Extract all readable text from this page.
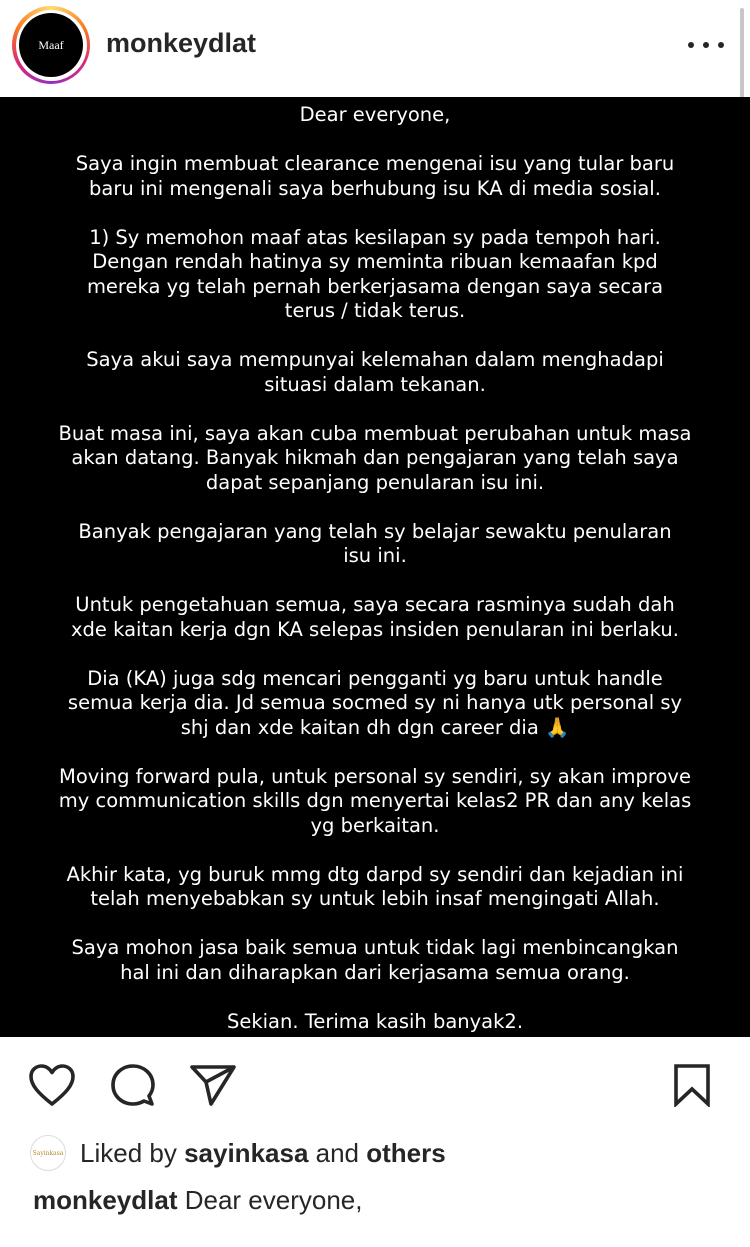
Maaf	monkeydlat

Dear everyone,

Saya ingin membuat clearance mengenai isu yang tular baru
baru ini mengenali saya berhubung isu KA di media sosial.

1) Sy memohon maaf atas kesilapan sy pada tempoh hari.
Dengan rendah hatinya sy meminta ribuan kemaafan kpd
mereka yg telah pernah berkerjasama dengan saya secara
terus / tidak terus.

Saya akui saya mempunyai kelemahan dalam menghadapi
situasi dalam tekanan.

Buat masa ini, saya akan cuba membuat perubahan untuk masa
akan datang. Banyak hikmah dan pengajaran yang telah saya
dapat sepanjang penularan isu ini.

Banyak pengajaran yang telah sy belajar sewaktu penularan
isu ini.

Untuk pengetahuan semua, saya secara rasminya sudah dah
xde kaitan kerja dgn KA selepas insiden penularan ini berlaku.

Dia (KA) juga sdg mencari pengganti yg baru untuk handle
semua kerja dia. Jd semua socmed sy ni hanya utk personal sy
shj dan xde kaitan dh dgn career dia 🙏

Moving forward pula, untuk personal sy sendiri, sy akan improve
my communication skills dgn menyertai kelas2 PR dan any kelas
yg berkaitan.

Akhir kata, yg buruk mmg dtg darpd sy sendiri dan kejadian ini
telah menyebabkan sy untuk lebih insaf mengingati Allah.

Saya mohon jasa baik semua untuk tidak lagi menbincangkan
hal ini dan diharapkan dari kerjasama semua orang.

Sekian. Terima kasih banyak2.

Sayinkasa Liked by sayinkasa and others
monkeydlat Dear everyone,
